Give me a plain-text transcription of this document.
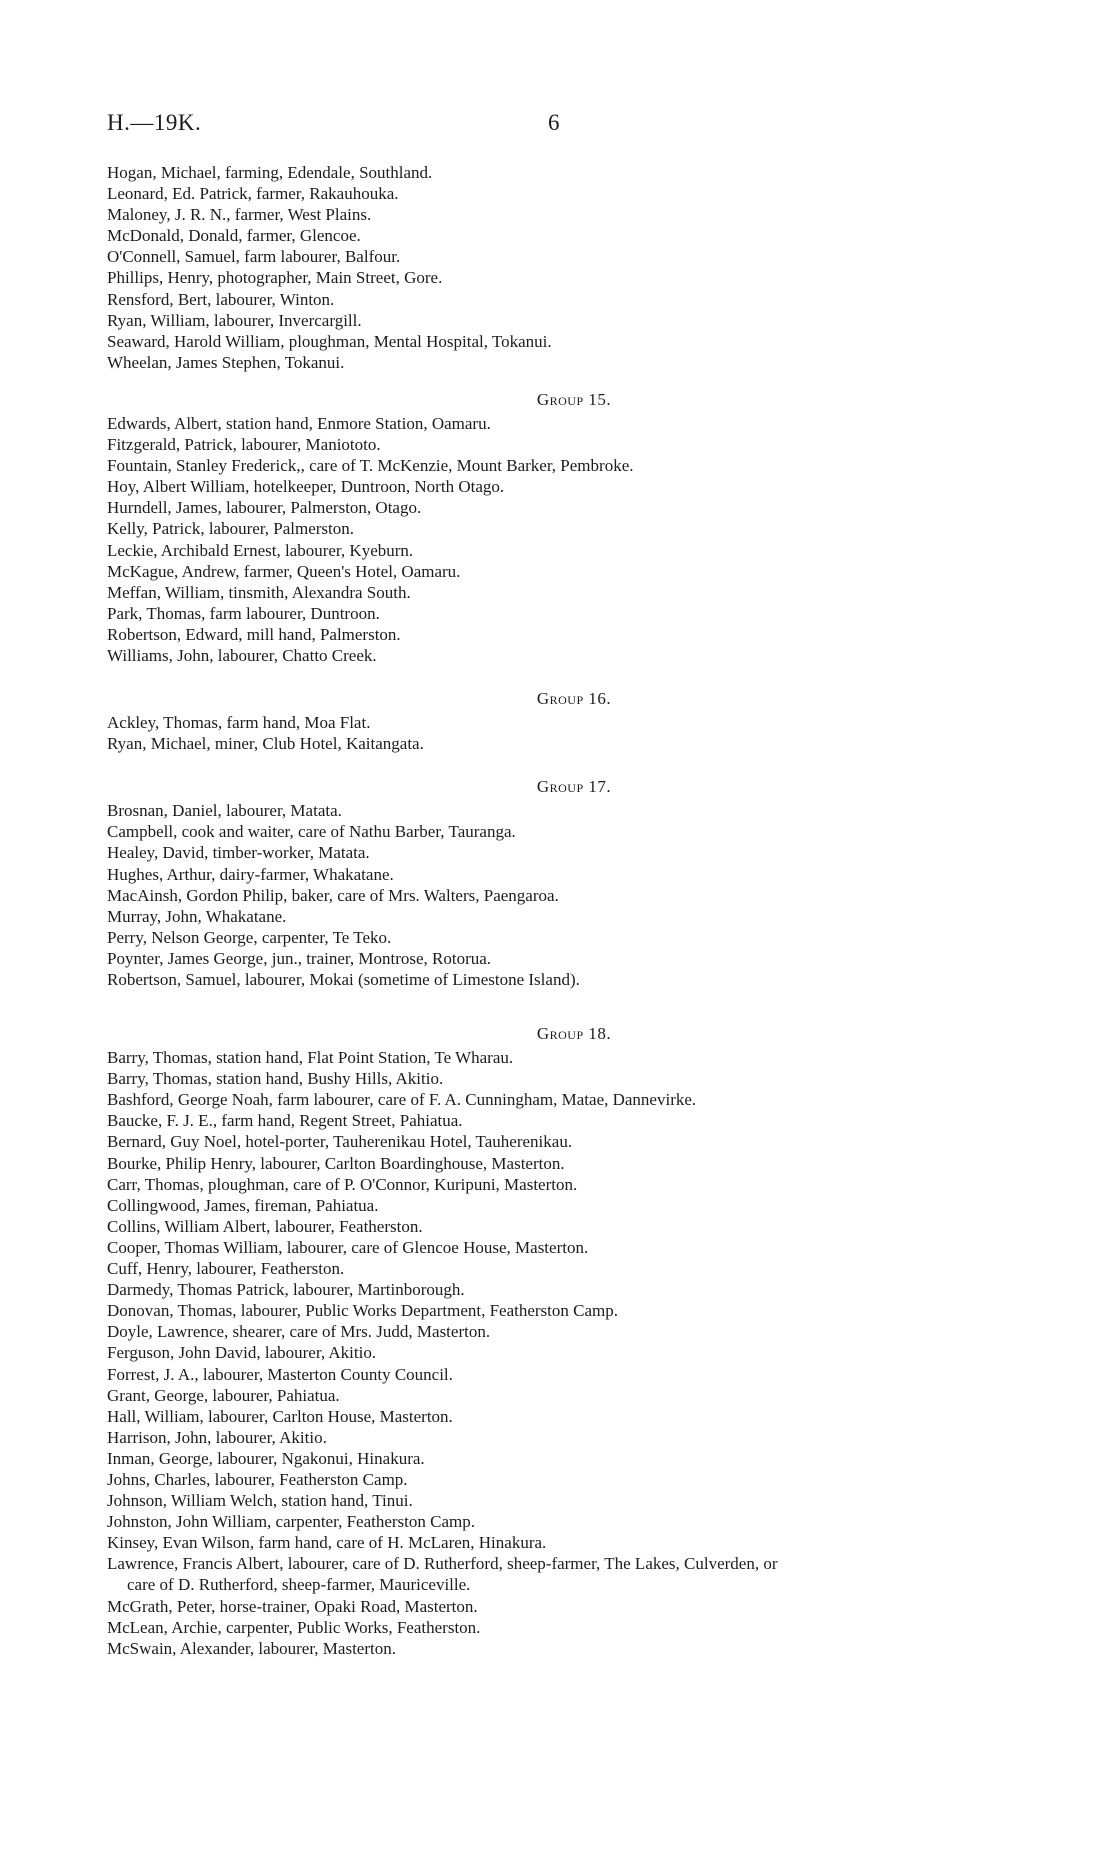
H.—19K.	6
Hogan, Michael, farming, Edendale, Southland.
Leonard, Ed. Patrick, farmer, Rakauhouka.
Maloney, J. R. N., farmer, West Plains.
McDonald, Donald, farmer, Glencoe.
O'Connell, Samuel, farm labourer, Balfour.
Phillips, Henry, photographer, Main Street, Gore.
Rensford, Bert, labourer, Winton.
Ryan, William, labourer, Invercargill.
Seaward, Harold William, ploughman, Mental Hospital, Tokanui.
Wheelan, James Stephen, Tokanui.
Group 15.
Edwards, Albert, station hand, Enmore Station, Oamaru.
Fitzgerald, Patrick, labourer, Maniototo.
Fountain, Stanley Frederick,, care of T. McKenzie, Mount Barker, Pembroke.
Hoy, Albert William, hotelkeeper, Duntroon, North Otago.
Hurndell, James, labourer, Palmerston, Otago.
Kelly, Patrick, labourer, Palmerston.
Leckie, Archibald Ernest, labourer, Kyeburn.
McKague, Andrew, farmer, Queen's Hotel, Oamaru.
Meffan, William, tinsmith, Alexandra South.
Park, Thomas, farm labourer, Duntroon.
Robertson, Edward, mill hand, Palmerston.
Williams, John, labourer, Chatto Creek.
Group 16.
Ackley, Thomas, farm hand, Moa Flat.
Ryan, Michael, miner, Club Hotel, Kaitangata.
Group 17.
Brosnan, Daniel, labourer, Matata.
Campbell, cook and waiter, care of Nathu Barber, Tauranga.
Healey, David, timber-worker, Matata.
Hughes, Arthur, dairy-farmer, Whakatane.
MacAinsh, Gordon Philip, baker, care of Mrs. Walters, Paengaroa.
Murray, John, Whakatane.
Perry, Nelson George, carpenter, Te Teko.
Poynter, James George, jun., trainer, Montrose, Rotorua.
Robertson, Samuel, labourer, Mokai (sometime of Limestone Island).
Group 18.
Barry, Thomas, station hand, Flat Point Station, Te Wharau.
Barry, Thomas, station hand, Bushy Hills, Akitio.
Bashford, George Noah, farm labourer, care of F. A. Cunningham, Matae, Dannevirke.
Baucke, F. J. E., farm hand, Regent Street, Pahiatua.
Bernard, Guy Noel, hotel-porter, Tauherenikau Hotel, Tauherenikau.
Bourke, Philip Henry, labourer, Carlton Boardinghouse, Masterton.
Carr, Thomas, ploughman, care of P. O'Connor, Kuripuni, Masterton.
Collingwood, James, fireman, Pahiatua.
Collins, William Albert, labourer, Featherston.
Cooper, Thomas William, labourer, care of Glencoe House, Masterton.
Cuff, Henry, labourer, Featherston.
Darmedy, Thomas Patrick, labourer, Martinborough.
Donovan, Thomas, labourer, Public Works Department, Featherston Camp.
Doyle, Lawrence, shearer, care of Mrs. Judd, Masterton.
Ferguson, John David, labourer, Akitio.
Forrest, J. A., labourer, Masterton County Council.
Grant, George, labourer, Pahiatua.
Hall, William, labourer, Carlton House, Masterton.
Harrison, John, labourer, Akitio.
Inman, George, labourer, Ngakonui, Hinakura.
Johns, Charles, labourer, Featherston Camp.
Johnson, William Welch, station hand, Tinui.
Johnston, John William, carpenter, Featherston Camp.
Kinsey, Evan Wilson, farm hand, care of H. McLaren, Hinakura.
Lawrence, Francis Albert, labourer, care of D. Rutherford, sheep-farmer, The Lakes, Culverden, or
care of D. Rutherford, sheep-farmer, Mauriceville.
McGrath, Peter, horse-trainer, Opaki Road, Masterton.
McLean, Archie, carpenter, Public Works, Featherston.
McSwain, Alexander, labourer, Masterton.
